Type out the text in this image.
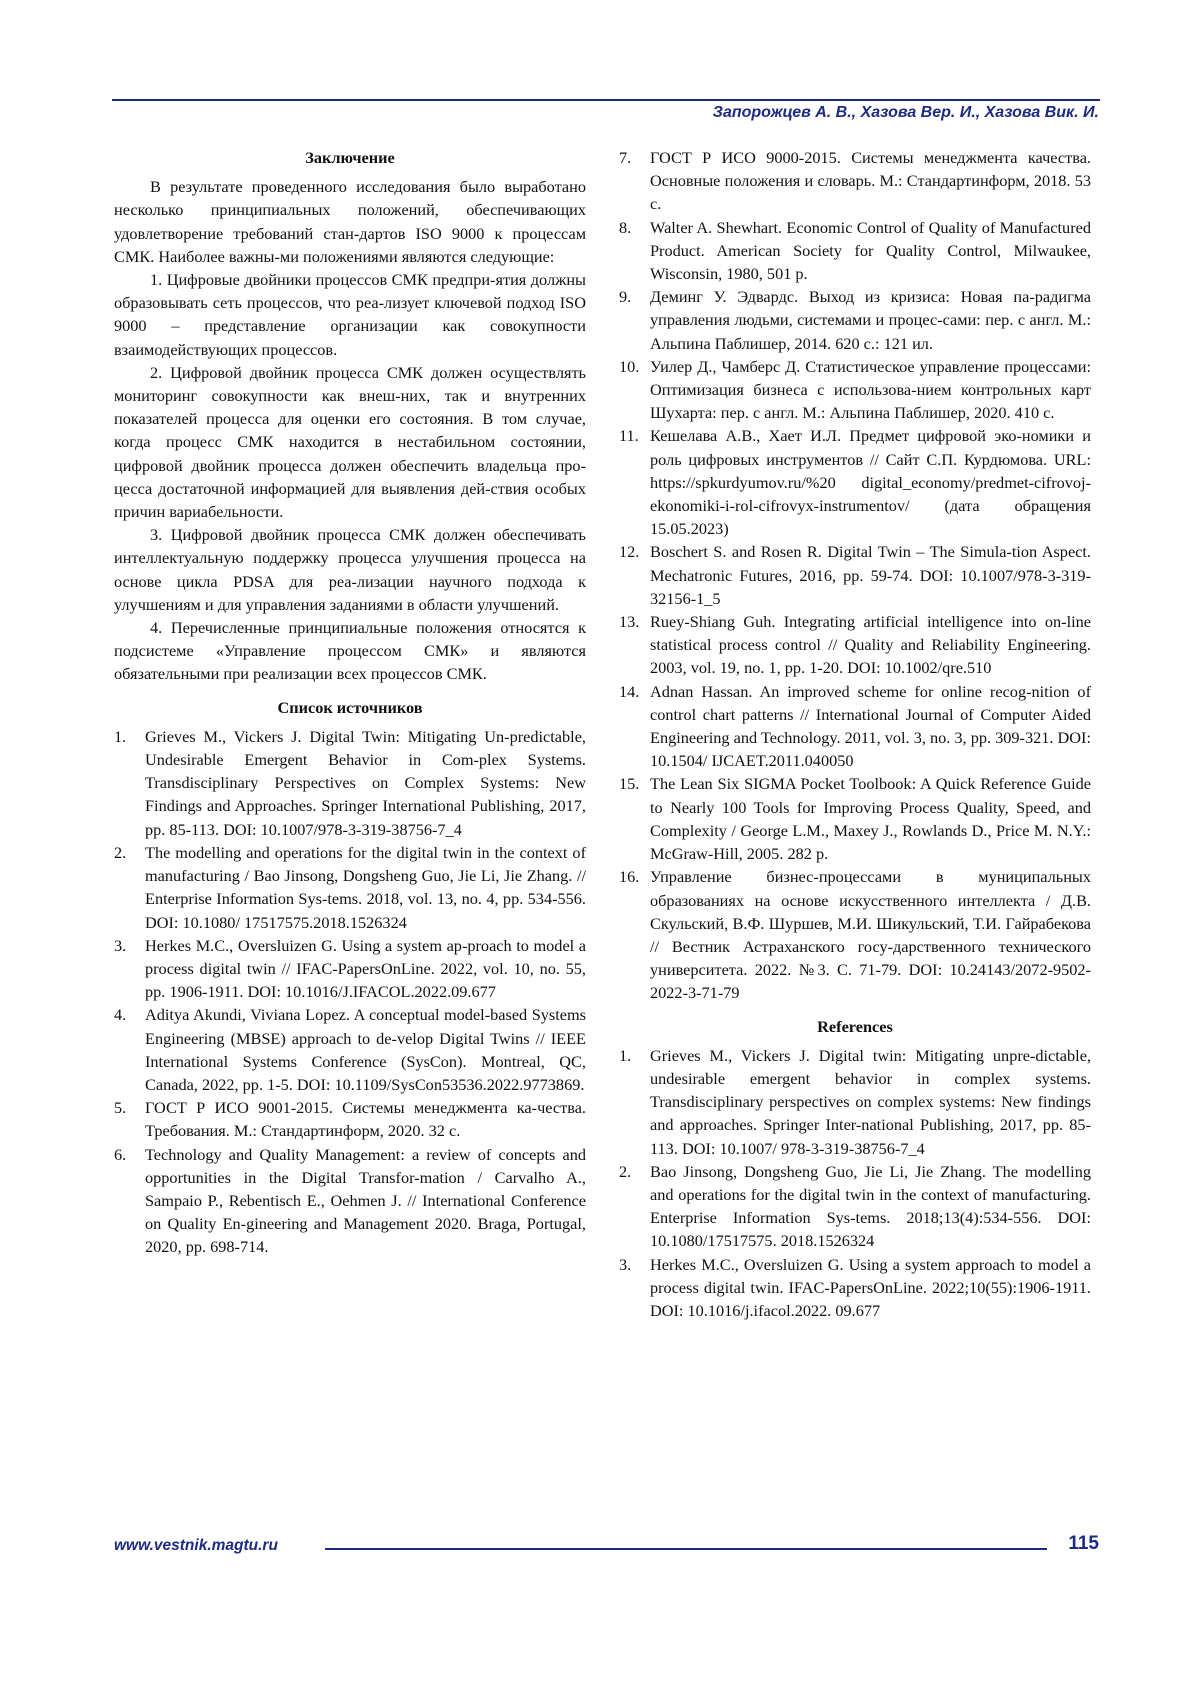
Запорожцев А. В., Хазова Вер. И., Хазова Вик. И.
Заключение

В результате проведенного исследования было выработано несколько принципиальных положений, обеспечивающих удовлетворение требований стан-дартов ISO 9000 к процессам СМК. Наиболее важны-ми положениями являются следующие:

1. Цифровые двойники процессов СМК предпри-ятия должны образовывать сеть процессов, что реа-лизует ключевой подход ISO 9000 – представление организации как совокупности взаимодействующих процессов.

2. Цифровой двойник процесса СМК должен осуществлять мониторинг совокупности как внеш-них, так и внутренних показателей процесса для оценки его состояния. В том случае, когда процесс СМК находится в нестабильном состоянии, цифровой двойник процесса должен обеспечить владельца про-цесса достаточной информацией для выявления дей-ствия особых причин вариабельности.

3. Цифровой двойник процесса СМК должен обеспечивать интеллектуальную поддержку процесса улучшения процесса на основе цикла PDSA для реа-лизации научного подхода к улучшениям и для управления заданиями в области улучшений.

4. Перечисленные принципиальные положения относятся к подсистеме «Управление процессом СМК» и являются обязательными при реализации всех процессов СМК.

Список источников
1. Grieves M., Vickers J. Digital Twin: Mitigating Un-predictable, Undesirable Emergent Behavior in Com-plex Systems. Transdisciplinary Perspectives on Complex Systems: New Findings and Approaches. Springer International Publishing, 2017, pp. 85-113. DOI: 10.1007/978-3-319-38756-7_4
2. The modelling and operations for the digital twin in the context of manufacturing / Bao Jinsong, Dongsheng Guo, Jie Li, Jie Zhang. // Enterprise Information Sys-tems. 2018, vol. 13, no. 4, pp. 534-556. DOI: 10.1080/ 17517575.2018.1526324
3. Herkes M.C., Oversluizen G. Using a system ap-proach to model a process digital twin // IFAC-PapersOnLine. 2022, vol. 10, no. 55, pp. 1906-1911. DOI: 10.1016/J.IFACOL.2022.09.677
4. Aditya Akundi, Viviana Lopez. A conceptual model-based Systems Engineering (MBSE) approach to de-velop Digital Twins // IEEE International Systems Conference (SysCon). Montreal, QC, Canada, 2022, pp. 1-5. DOI: 10.1109/SysCon53536.2022.9773869.
5. ГОСТ Р ИСО 9001-2015. Системы менеджмента ка-чества. Требования. М.: Стандартинформ, 2020. 32 с.
6. Technology and Quality Management: a review of concepts and opportunities in the Digital Transfor-mation / Carvalho A., Sampaio P., Rebentisch E., Oehmen J. // International Conference on Quality En-gineering and Management 2020. Braga, Portugal, 2020, pp. 698-714.
7. ГОСТ Р ИСО 9000-2015. Системы менеджмента качества. Основные положения и словарь. М.: Стандартинформ, 2018. 53 с.
8. Walter A. Shewhart. Economic Control of Quality of Manufactured Product. American Society for Quality Control, Milwaukee, Wisconsin, 1980, 501 p.
9. Деминг У. Эдвардс. Выход из кризиса: Новая па-радигма управления людьми, системами и процес-сами: пер. с англ. М.: Альпина Паблишер, 2014. 620 с.: 121 ил.
10. Уилер Д., Чамберс Д. Статистическое управление процессами: Оптимизация бизнеса с использова-нием контрольных карт Шухарта: пер. с англ. М.: Альпина Паблишер, 2020. 410 с.
11. Кешелава А.В., Хает И.Л. Предмет цифровой эко-номики и роль цифровых инструментов // Сайт С.П. Курдюмова. URL: https://spkurdyumov.ru/%20 digital_economy/predmet-cifrovoj-ekonomiki-i-rol-cifrovyx-instrumentov/ (дата обращения 15.05.2023)
12. Boschert S. and Rosen R. Digital Twin – The Simula-tion Aspect. Mechatronic Futures, 2016, pp. 59-74. DOI: 10.1007/978-3-319-32156-1_5
13. Ruey-Shiang Guh. Integrating artificial intelligence into on-line statistical process control // Quality and Reliability Engineering. 2003, vol. 19, no. 1, pp. 1-20. DOI: 10.1002/qre.510
14. Adnan Hassan. An improved scheme for online recog-nition of control chart patterns // International Journal of Computer Aided Engineering and Technology. 2011, vol. 3, no. 3, pp. 309-321. DOI: 10.1504/ IJCAET.2011.040050
15. The Lean Six SIGMA Pocket Toolbook: A Quick Reference Guide to Nearly 100 Tools for Improving Process Quality, Speed, and Complexity / George L.M., Maxey J., Rowlands D., Price M. N.Y.: McGraw-Hill, 2005. 282 p.
16. Управление бизнес-процессами в муниципальных образованиях на основе искусственного интеллекта / Д.В. Скульский, В.Ф. Шуршев, М.И. Шикульский, Т.И. Гайрабекова // Вестник Астраханского госу-дарственного технического университета. 2022. №3. С. 71-79. DOI: 10.24143/2072-9502-2022-3-71-79
References
1. Grieves M., Vickers J. Digital twin: Mitigating unpre-dictable, undesirable emergent behavior in complex systems. Transdisciplinary perspectives on complex systems: New findings and approaches. Springer Inter-national Publishing, 2017, pp. 85-113. DOI: 10.1007/ 978-3-319-38756-7_4
2. Bao Jinsong, Dongsheng Guo, Jie Li, Jie Zhang. The modelling and operations for the digital twin in the context of manufacturing. Enterprise Information Sys-tems. 2018;13(4):534-556. DOI: 10.1080/17517575. 2018.1526324
3. Herkes M.C., Oversluizen G. Using a system approach to model a process digital twin. IFAC-PapersOnLine. 2022;10(55):1906-1911. DOI: 10.1016/j.ifacol.2022. 09.677
www.vestnik.magtu.ru	115
